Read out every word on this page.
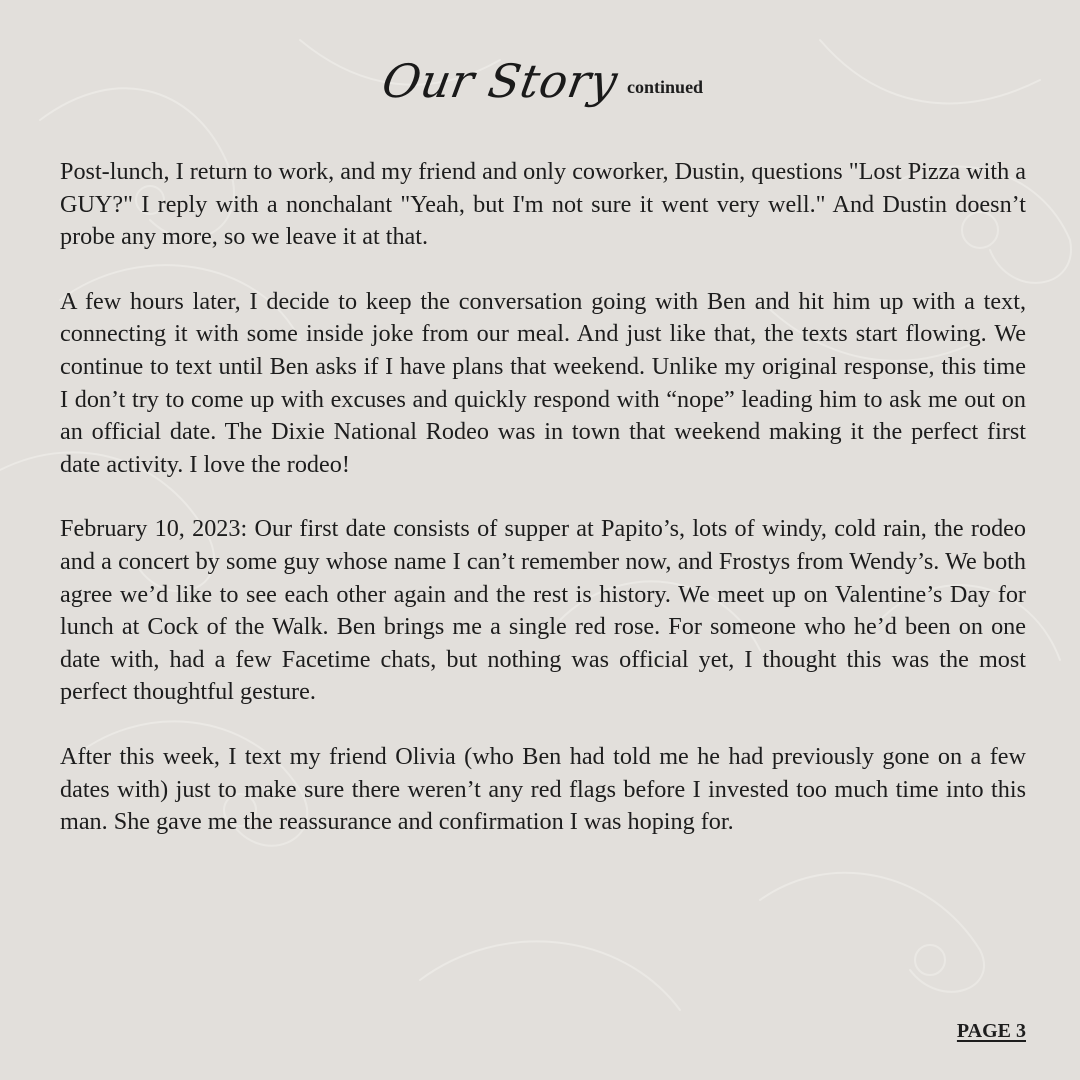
Our Story continued

Post-lunch, I return to work, and my friend and only coworker, Dustin, questions "Lost Pizza with a GUY?" I reply with a nonchalant "Yeah, but I'm not sure it went very well." And Dustin doesn’t probe any more, so we leave it at that.

A few hours later, I decide to keep the conversation going with Ben and hit him up with a text, connecting it with some inside joke from our meal. And just like that, the texts start flowing. We continue to text until Ben asks if I have plans that weekend. Unlike my original response, this time I don’t try to come up with excuses and quickly respond with “nope” leading him to ask me out on an official date. The Dixie National Rodeo was in town that weekend making it the perfect first date activity. I love the rodeo!

February 10, 2023: Our first date consists of supper at Papito’s, lots of windy, cold rain, the rodeo and a concert by some guy whose name I can’t remember now, and Frostys from Wendy’s. We both agree we’d like to see each other again and the rest is history. We meet up on Valentine’s Day for lunch at Cock of the Walk. Ben brings me a single red rose. For someone who he’d been on one date with, had a few Facetime chats, but nothing was official yet, I thought this was the most perfect thoughtful gesture.

After this week, I text my friend Olivia (who Ben had told me he had previously gone on a few dates with) just to make sure there weren’t any red flags before I invested too much time into this man. She gave me the reassurance and confirmation I was hoping for.

PAGE 3
